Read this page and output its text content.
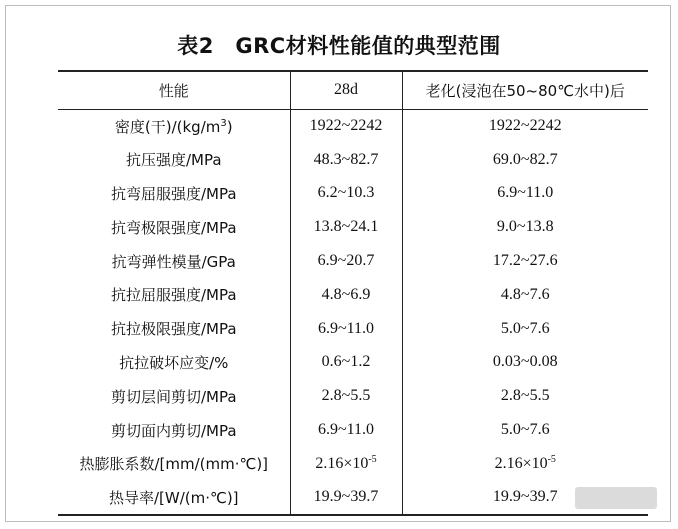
表2　GRC材料性能值的典型范围
性能	28d	老化(浸泡在50~80℃水中)后
密度(干)$/(kg/m^3)$	1922~2242	1922~2242
抗压强度/MPa	48.3~82.7	69.0~82.7
抗弯屈服强度/MPa	6.2~10.3	6.9~11.0
抗弯极限强度/MPa	13.8~24.1	9.0~13.8
抗弯弹性模量/GPa	6.9~20.7	17.2~27.6
抗拉屈服强度/MPa	4.8~6.9	4.8~7.6
抗拉极限强度/MPa	6.9~11.0	5.0~7.6
抗拉破坏应变/%	0.6~1.2	0.03~0.08
剪切层间剪切/MPa	2.8~5.5	2.8~5.5
剪切面内剪切/MPa	6.9~11.0	5.0~7.6
热膨胀系数/[mm/(mm·℃)]	$2.16\times 10^{-5}$	$2.16\times 10^{-5}$
热导率/[W/(m·℃)]	19.9~39.7	19.9~39.7
